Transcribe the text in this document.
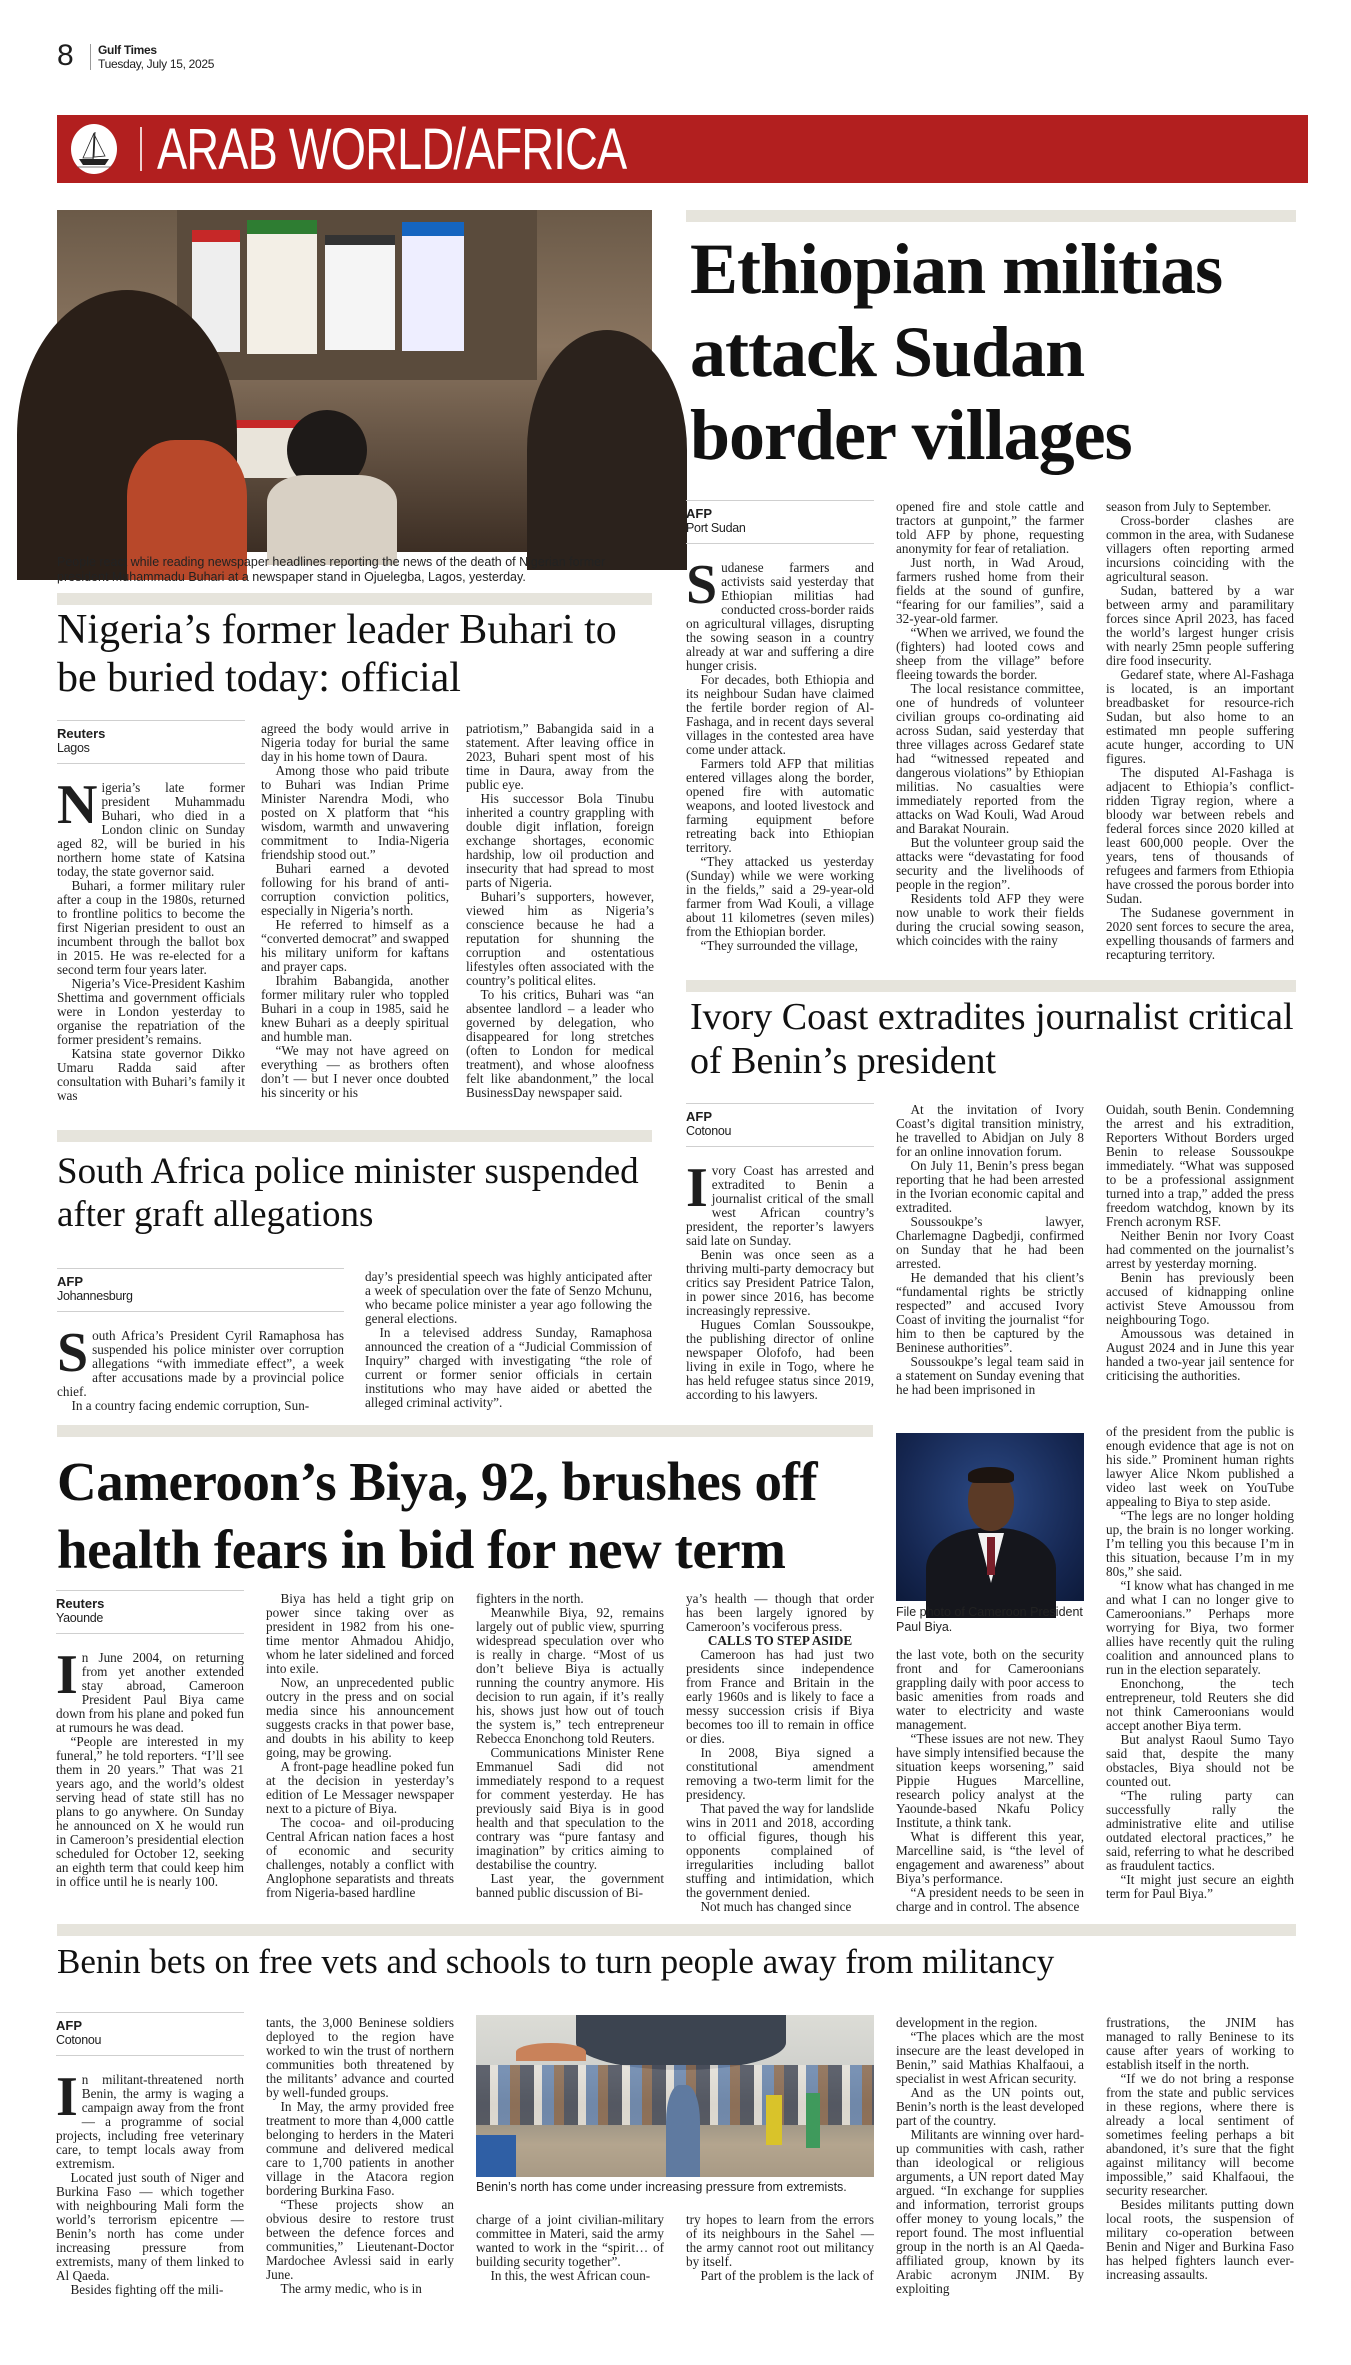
8 Gulf Times
Tuesday, July 15, 2025
ARAB WORLD/AFRICA
People react while reading newspaper headlines reporting the news of the death of Nigerian former president Muhammadu Buhari at a newspaper stand in Ojuelegba, Lagos, yesterday.
Nigeria’s former leader Buhari to be buried today: official
Reuters
Lagos

Nigeria’s late former president Muhammadu Buhari, who died in a London clinic on Sunday aged 82, will be buried in his northern home state of Katsina today, the state governor said.

Buhari, a former military ruler after a coup in the 1980s, returned to frontline politics to become the first Nigerian president to oust an incumbent through the ballot box in 2015. He was re-elected for a second term four years later.

Nigeria’s Vice-President Kashim Shettima and government officials were in London yesterday to organise the repatriation of the former president’s remains.

Katsina state governor Dikko Umaru Radda said after consultation with Buhari’s family it was

agreed the body would arrive in Nigeria today for burial the same day in his home town of Daura.

Among those who paid tribute to Buhari was Indian Prime Minister Narendra Modi, who posted on X platform that “his wisdom, warmth and unwavering commitment to India-Nigeria friendship stood out.”

Buhari earned a devoted following for his brand of anti-corruption conviction politics, especially in Nigeria’s north.

He referred to himself as a “converted democrat” and swapped his military uniform for kaftans and prayer caps.

Ibrahim Babangida, another former military ruler who toppled Buhari in a coup in 1985, said he knew Buhari as a deeply spiritual and humble man.

“We may not have agreed on everything — as brothers often don’t — but I never once doubted his sincerity or his

patriotism,” Babangida said in a statement. After leaving office in 2023, Buhari spent most of his time in Daura, away from the public eye.

His successor Bola Tinubu inherited a country grappling with double digit inflation, foreign exchange shortages, economic hardship, low oil production and insecurity that had spread to most parts of Nigeria.

Buhari’s supporters, however, viewed him as Nigeria’s conscience because he had a reputation for shunning the corruption and ostentatious lifestyles often associated with the country’s political elites.

To his critics, Buhari was “an absentee landlord – a leader who governed by delegation, who disappeared for long stretches (often to London for medical treatment), and whose aloofness felt like abandonment,” the local BusinessDay newspaper said.

South Africa police minister suspended after graft allegations
AFP
Johannesburg

South Africa’s President Cyril Ramaphosa has suspended his police minister over corruption allegations “with immediate effect”, a week after accusations made by a provincial police chief.

In a country facing endemic corruption, Sun-

day’s presidential speech was highly anticipated after a week of speculation over the fate of Senzo Mchunu, who became police minister a year ago following the general elections.

In a televised address Sunday, Ramaphosa announced the creation of a “Judicial Commission of Inquiry” charged with investigating “the role of current or former senior officials in certain institutions who may have aided or abetted the alleged criminal activity”.

Ethiopian militias attack Sudan border villages
AFP
Port Sudan

Sudanese farmers and activists said yesterday that Ethiopian militias had conducted cross-border raids on agricultural villages, disrupting the sowing season in a country already at war and suffering a dire hunger crisis.

For decades, both Ethiopia and its neighbour Sudan have claimed the fertile border region of Al-Fashaga, and in recent days several villages in the contested area have come under attack.

Farmers told AFP that militias entered villages along the border, opened fire with automatic weapons, and looted livestock and farming equipment before retreating back into Ethiopian territory.

“They attacked us yesterday (Sunday) while we were working in the fields,” said a 29-year-old farmer from Wad Kouli, a village about 11 kilometres (seven miles) from the Ethiopian border.

“They surrounded the village,

opened fire and stole cattle and tractors at gunpoint,” the farmer told AFP by phone, requesting anonymity for fear of retaliation.

Just north, in Wad Aroud, farmers rushed home from their fields at the sound of gunfire, “fearing for our families”, said a 32-year-old farmer.

“When we arrived, we found the (fighters) had looted cows and sheep from the village” before fleeing towards the border.

The local resistance committee, one of hundreds of volunteer civilian groups co-ordinating aid across Sudan, said yesterday that three villages across Gedaref state had “witnessed repeated and dangerous violations” by Ethiopian militias. No casualties were immediately reported from the attacks on Wad Kouli, Wad Aroud and Barakat Nourain.

But the volunteer group said the attacks were “devastating for food security and the livelihoods of people in the region”.

Residents told AFP they were now unable to work their fields during the crucial sowing season, which coincides with the rainy

season from July to September.

Cross-border clashes are common in the area, with Sudanese villagers often reporting armed incursions coinciding with the agricultural season.

Sudan, battered by a war between army and paramilitary forces since April 2023, has faced the world’s largest hunger crisis with nearly 25mn people suffering dire food insecurity.

Gedaref state, where Al-Fashaga is located, is an important breadbasket for resource-rich Sudan, but also home to an estimated mn people suffering acute hunger, according to UN figures.

The disputed Al-Fashaga is adjacent to Ethiopia’s conflict-ridden Tigray region, where a bloody war between rebels and federal forces since 2020 killed at least 600,000 people. Over the years, tens of thousands of refugees and farmers from Ethiopia have crossed the porous border into Sudan.

The Sudanese government in 2020 sent forces to secure the area, expelling thousands of farmers and recapturing territory.

Ivory Coast extradites journalist critical of Benin’s president
AFP
Cotonou

Ivory Coast has arrested and extradited to Benin a journalist critical of the small west African country’s president, the reporter’s lawyers said late on Sunday.

Benin was once seen as a thriving multi-party democracy but critics say President Patrice Talon, in power since 2016, has become increasingly repressive.

Hugues Comlan Soussoukpe, the publishing director of online newspaper Olofofo, had been living in exile in Togo, where he has held refugee status since 2019, according to his lawyers.

At the invitation of Ivory Coast’s digital transition ministry, he travelled to Abidjan on July 8 for an online innovation forum.

On July 11, Benin’s press began reporting that he had been arrested in the Ivorian economic capital and extradited.

Soussoukpe’s lawyer, Charlemagne Dagbedji, confirmed on Sunday that he had been arrested.

He demanded that his client’s “fundamental rights be strictly respected” and accused Ivory Coast of inviting the journalist “for him to then be captured by the Beninese authorities”.

Soussoukpe’s legal team said in a statement on Sunday evening that he had been imprisoned in

Ouidah, south Benin. Condemning the arrest and his extradition, Reporters Without Borders urged Benin to release Soussoukpe immediately. “What was supposed to be a professional assignment turned into a trap,” added the press freedom watchdog, known by its French acronym RSF.

Neither Benin nor Ivory Coast had commented on the journalist’s arrest by yesterday morning.

Benin has previously been accused of kidnapping online activist Steve Amoussou from neighbouring Togo.

Amoussous was detained in August 2024 and in June this year handed a two-year jail sentence for criticising the authorities.

Cameroon’s Biya, 92, brushes off health fears in bid for new term
File photo of Cameroon President Paul Biya.
Reuters
Yaounde

In June 2004, on returning from yet another extended stay abroad, Cameroon President Paul Biya came down from his plane and poked fun at rumours he was dead.

“People are interested in my funeral,” he told reporters. “I’ll see them in 20 years.” That was 21 years ago, and the world’s oldest serving head of state still has no plans to go anywhere. On Sunday he announced on X he would run in Cameroon’s presidential election scheduled for October 12, seeking an eighth term that could keep him in office until he is nearly 100.

Biya has held a tight grip on power since taking over as president in 1982 from his one-time mentor Ahmadou Ahidjo, whom he later sidelined and forced into exile.

Now, an unprecedented public outcry in the press and on social media since his announcement suggests cracks in that power base, and doubts in his ability to keep going, may be growing.

A front-page headline poked fun at the decision in yesterday’s edition of Le Messager newspaper next to a picture of Biya.

The cocoa- and oil-producing Central African nation faces a host of economic and security challenges, notably a conflict with Anglophone separatists and threats from Nigeria-based hardline

fighters in the north.

Meanwhile Biya, 92, remains largely out of public view, spurring widespread speculation over who is really in charge. “Most of us don’t believe Biya is actually running the country anymore. His decision to run again, if it’s really his, shows just how out of touch the system is,” tech entrepreneur Rebecca Enonchong told Reuters.

Communications Minister Rene Emmanuel Sadi did not immediately respond to a request for comment yesterday. He has previously said Biya is in good health and that speculation to the contrary was “pure fantasy and imagination” by critics aiming to destabilise the country.

Last year, the government banned public discussion of Bi-

ya’s health — though that order has been largely ignored by Cameroon’s vociferous press.

CALLS TO STEP ASIDE

Cameroon has had just two presidents since independence from France and Britain in the early 1960s and is likely to face a messy succession crisis if Biya becomes too ill to remain in office or dies.

In 2008, Biya signed a constitutional amendment removing a two-term limit for the presidency.

That paved the way for landslide wins in 2011 and 2018, according to official figures, though his opponents complained of irregularities including ballot stuffing and intimidation, which the government denied.

Not much has changed since

the last vote, both on the security front and for Cameroonians grappling daily with poor access to basic amenities from roads and water to electricity and waste management.

“These issues are not new. They have simply intensified because the situation keeps worsening,” said Pippie Hugues Marcelline, research policy analyst at the Yaounde-based Nkafu Policy Institute, a think tank.

What is different this year, Marcelline said, is “the level of engagement and awareness” about Biya’s performance.

“A president needs to be seen in charge and in control. The absence

of the president from the public is enough evidence that age is not on his side.” Prominent human rights lawyer Alice Nkom published a video last week on YouTube appealing to Biya to step aside.

“The legs are no longer holding up, the brain is no longer working. I’m telling you this because I’m in this situation, because I’m in my 80s,” she said.

“I know what has changed in me and what I can no longer give to Cameroonians.” Perhaps more worrying for Biya, two former allies have recently quit the ruling coalition and announced plans to run in the election separately.

Enonchong, the tech entrepreneur, told Reuters she did not think Cameroonians would accept another Biya term.

But analyst Raoul Sumo Tayo said that, despite the many obstacles, Biya should not be counted out.

“The ruling party can successfully rally the administrative elite and utilise outdated electoral practices,” he said, referring to what he described as fraudulent tactics.

“It might just secure an eighth term for Paul Biya.”

Benin bets on free vets and schools to turn people away from militancy
Benin’s north has come under increasing pressure from extremists.
AFP
Cotonou

In militant-threatened north Benin, the army is waging a campaign away from the front — a programme of social projects, including free veterinary care, to tempt locals away from extremism.

Located just south of Niger and Burkina Faso — which together with neighbouring Mali form the world’s terrorism epicentre — Benin’s north has come under increasing pressure from extremists, many of them linked to Al Qaeda.

Besides fighting off the mili-

tants, the 3,000 Beninese soldiers deployed to the region have worked to win the trust of northern communities both threatened by the militants’ advance and courted by well-funded groups.

In May, the army provided free treatment to more than 4,000 cattle belonging to herders in the Materi commune and delivered medical care to 1,700 patients in another village in the Atacora region bordering Burkina Faso.

“These projects show an obvious desire to restore trust between the defence forces and communities,” Lieutenant-Doctor Mardochee Avlessi said in early June.

The army medic, who is in

charge of a joint civilian-military committee in Materi, said the army wanted to work in the “spirit… of building security together”.

In this, the west African coun-

try hopes to learn from the errors of its neighbours in the Sahel — the army cannot root out militancy by itself.

Part of the problem is the lack of

development in the region.

“The places which are the most insecure are the least developed in Benin,” said Mathias Khalfaoui, a specialist in west African security.

And as the UN points out, Benin’s north is the least developed part of the country.

Militants are winning over hard-up communities with cash, rather than ideological or religious arguments, a UN report dated May argued. “In exchange for supplies and information, terrorist groups offer money to young locals,” the report found. The most influential group in the north is an Al Qaeda-affiliated group, known by its Arabic acronym JNIM. By exploiting

frustrations, the JNIM has managed to rally Beninese to its cause after years of working to establish itself in the north.

“If we do not bring a response from the state and public services in these regions, where there is already a local sentiment of sometimes feeling perhaps a bit abandoned, it’s sure that the fight against militancy will become impossible,” said Khalfaoui, the security researcher.

Besides militants putting down local roots, the suspension of military co-operation between Benin and Niger and Burkina Faso has helped fighters launch ever-increasing assaults.
